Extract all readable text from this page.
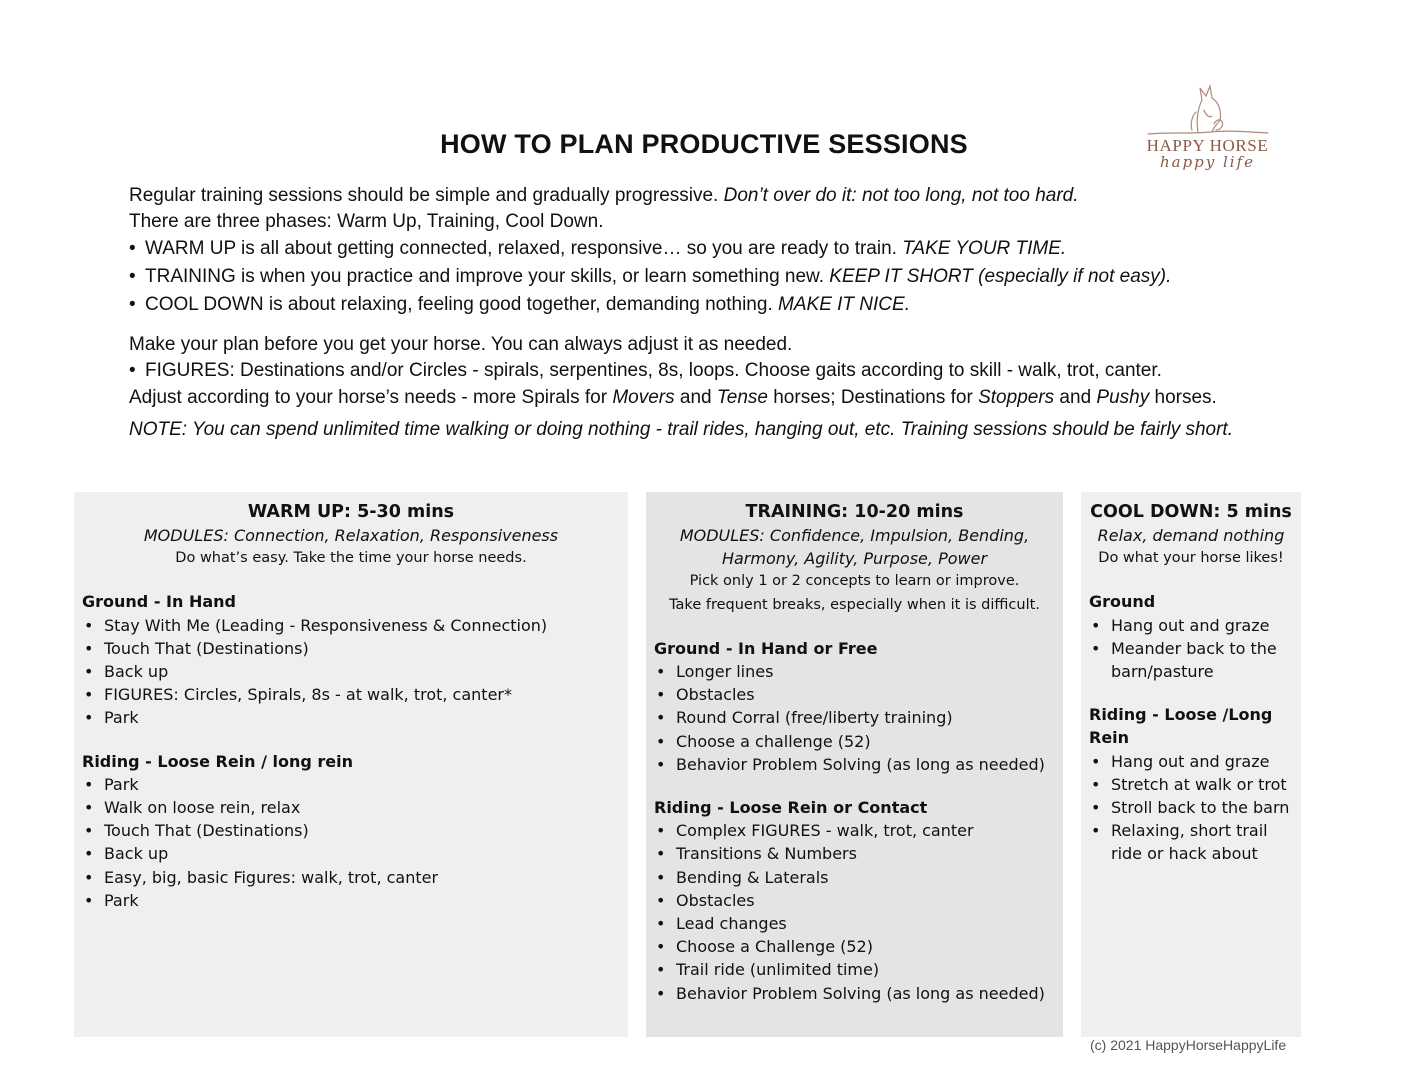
HOW TO PLAN PRODUCTIVE SESSIONS	HAPPY HORSE
happy life
Regular training sessions should be simple and gradually progressive. Don’t over do it: not too long, not too hard.
There are three phases: Warm Up, Training, Cool Down.
• WARM UP is all about getting connected, relaxed, responsive… so you are ready to train. TAKE YOUR TIME.
• TRAINING is when you practice and improve your skills, or learn something new. KEEP IT SHORT (especially if not easy).
• COOL DOWN is about relaxing, feeling good together, demanding nothing. MAKE IT NICE.
Make your plan before you get your horse. You can always adjust it as needed.
• FIGURES: Destinations and/or Circles - spirals, serpentines, 8s, loops. Choose gaits according to skill - walk, trot, canter.
Adjust according to your horse’s needs - more Spirals for Movers and Tense horses; Destinations for Stoppers and Pushy horses.
NOTE: You can spend unlimited time walking or doing nothing - trail rides, hanging out, etc. Training sessions should be fairly short.
WARM UP: 5-30 mins
MODULES: Connection, Relaxation, Responsiveness
Do what’s easy. Take the time your horse needs.
Ground - In Hand
• Stay With Me (Leading - Responsiveness & Connection)
• Touch That (Destinations)
• Back up
• FIGURES: Circles, Spirals, 8s - at walk, trot, canter*
• Park
Riding - Loose Rein / long rein
• Park
• Walk on loose rein, relax
• Touch That (Destinations)
• Back up
• Easy, big, basic Figures: walk, trot, canter
• Park
TRAINING: 10-20 mins
MODULES: Confidence, Impulsion, Bending,
Harmony, Agility, Purpose, Power
Pick only 1 or 2 concepts to learn or improve.
Take frequent breaks, especially when it is difficult.
Ground - In Hand or Free
• Longer lines
• Obstacles
• Round Corral (free/liberty training)
• Choose a challenge (52)
• Behavior Problem Solving (as long as needed)
Riding - Loose Rein or Contact
• Complex FIGURES - walk, trot, canter
• Transitions & Numbers
• Bending & Laterals
• Obstacles
• Lead changes
• Choose a Challenge (52)
• Trail ride (unlimited time)
• Behavior Problem Solving (as long as needed)
COOL DOWN: 5 mins
Relax, demand nothing
Do what your horse likes!
Ground
• Hang out and graze
• Meander back to the barn/pasture
Riding - Loose /Long Rein
• Hang out and graze
• Stretch at walk or trot
• Stroll back to the barn
• Relaxing, short trail ride or hack about
(c) 2021 HappyHorseHappyLife
